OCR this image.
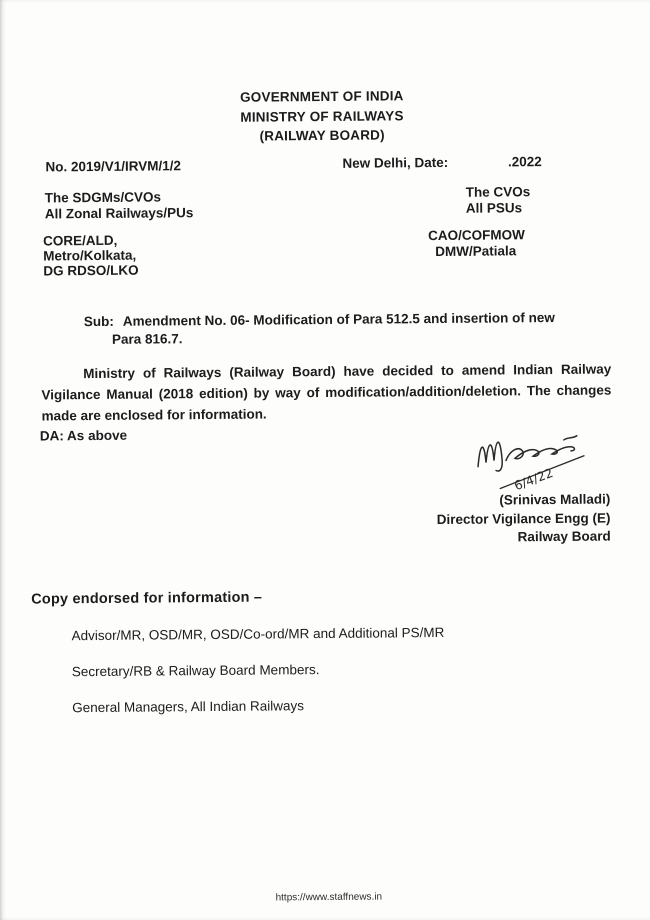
GOVERNMENT OF INDIA
MINISTRY OF RAILWAYS
(RAILWAY BOARD)
No. 2019/V1/IRVM/1/2	New Delhi, Date:	.2022
The SDGMs/CVOs
All Zonal Railways/PUs
The CVOs
All PSUs
CORE/ALD,
Metro/Kolkata,
DG RDSO/LKO
CAO/COFMOW
DMW/Patiala
Sub: Amendment No. 06- Modification of Para 512.5 and insertion of new
Para 816.7.
Ministry of Railways (Railway Board) have decided to amend Indian Railway Vigilance Manual (2018 edition) by way of modification/addition/deletion. The changes made are enclosed for information.
DA: As above
6/4/22
(Srinivas Malladi)
Director Vigilance Engg (E)
Railway Board
Copy endorsed for information –
Advisor/MR, OSD/MR, OSD/Co-ord/MR and Additional PS/MR
Secretary/RB & Railway Board Members.
General Managers, All Indian Railways
https://www.staffnews.in
